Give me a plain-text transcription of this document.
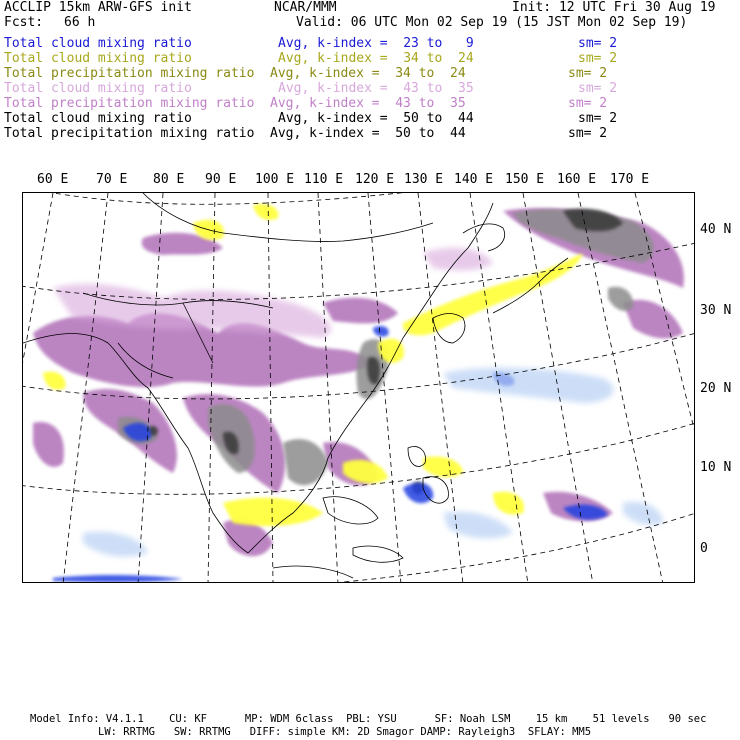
ACCLIP 15km ARW-GFS init	NCAR/MMM	Init: 12 UTC Fri 30 Aug 19
Fcst: 66 h	Valid: 06 UTC Mon 02 Sep 19 (15 JST Mon 02 Sep 19)
Total cloud mixing ratio	Avg, k-index =  23 to   9	sm= 2
Total cloud mixing ratio	Avg, k-index =  34 to  24	sm= 2
Total precipitation mixing ratio Avg, k-index =  34 to  24	sm= 2
Total cloud mixing ratio	Avg, k-index =  43 to  35	sm= 2
Total precipitation mixing ratio Avg, k-index =  43 to  35	sm= 2
Total cloud mixing ratio	Avg, k-index =  50 to  44	sm= 2
Total precipitation mixing ratio Avg, k-index =  50 to  44	sm= 2
60 E 70 E 80 E 90 E 100 E 110 E 120 E 130 E 140 E 150 E 160 E 170 E
40 N
30 N
20 N
10 N
0
Model Info: V4.1.1    CU: KF      MP: WDM 6class  PBL: YSU      SF: Noah LSM    15 km    51 levels   90 sec
LW: RRTMG   SW: RRTMG   DIFF: simple KM: 2D Smagor DAMP: Rayleigh3  SFLAY: MM5
